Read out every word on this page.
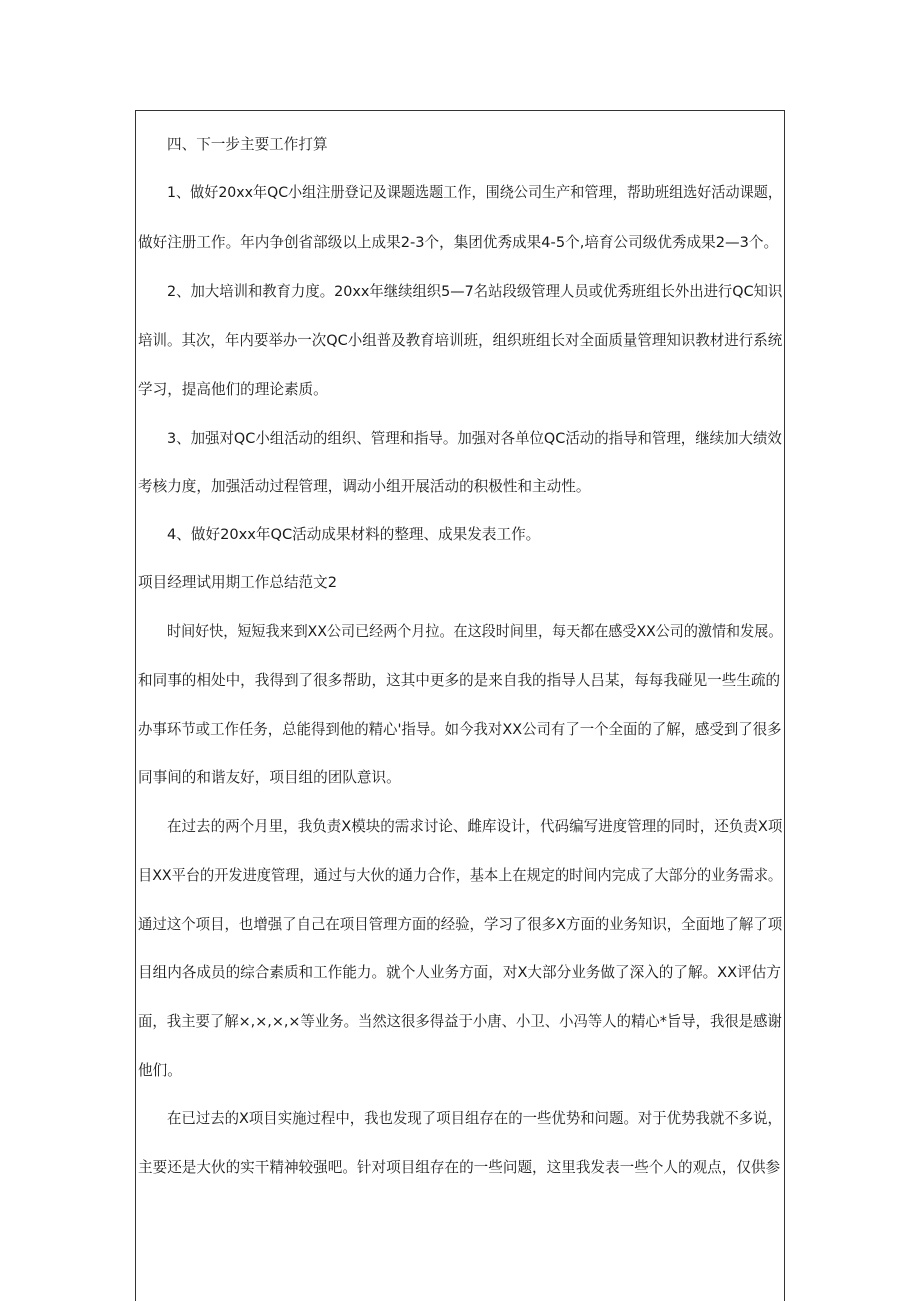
四、下一步主要工作打算
1、做好20xx年QC小组注册登记及课题选题工作，围绕公司生产和管理，帮助班组选好活动课题，
做好注册工作。年内争创省部级以上成果2-3个，集团优秀成果4-5个,培育公司级优秀成果2—3个。
2、加大培训和教育力度。20xx年继续组织5—7名站段级管理人员或优秀班组长外出进行QC知识
培训。其次，年内要举办一次QC小组普及教育培训班，组织班组长对全面质量管理知识教材进行系统
学习，提高他们的理论素质。
3、加强对QC小组活动的组织、管理和指导。加强对各单位QC活动的指导和管理，继续加大绩效
考核力度，加强活动过程管理，调动小组开展活动的积极性和主动性。
4、做好20xx年QC活动成果材料的整理、成果发表工作。
项目经理试用期工作总结范文2
时间好快，短短我来到XX公司已经两个月拉。在这段时间里，每天都在感受XX公司的激情和发展。
和同事的相处中，我得到了很多帮助，这其中更多的是来自我的指导人吕某，每每我碰见一些生疏的
办事环节或工作任务，总能得到他的精心'指导。如今我对XX公司有了一个全面的了解，感受到了很多
同事间的和谐友好，项目组的团队意识。
在过去的两个月里，我负责X模块的需求讨论、雌库设计，代码编写进度管理的同时，还负责X项
目XX平台的开发进度管理，通过与大伙的通力合作，基本上在规定的时间内完成了大部分的业务需求。
通过这个项目，也增强了自己在项目管理方面的经验，学习了很多X方面的业务知识，全面地了解了项
目组内各成员的综合素质和工作能力。就个人业务方面，对X大部分业务做了深入的了解。XX评估方
面，我主要了解×,×,×,×等业务。当然这很多得益于小唐、小卫、小冯等人的精心*旨导，我很是感谢
他们。
在已过去的X项目实施过程中，我也发现了项目组存在的一些优势和问题。对于优势我就不多说，
主要还是大伙的实干精神较强吧。针对项目组存在的一些问题，这里我发表一些个人的观点，仅供参
